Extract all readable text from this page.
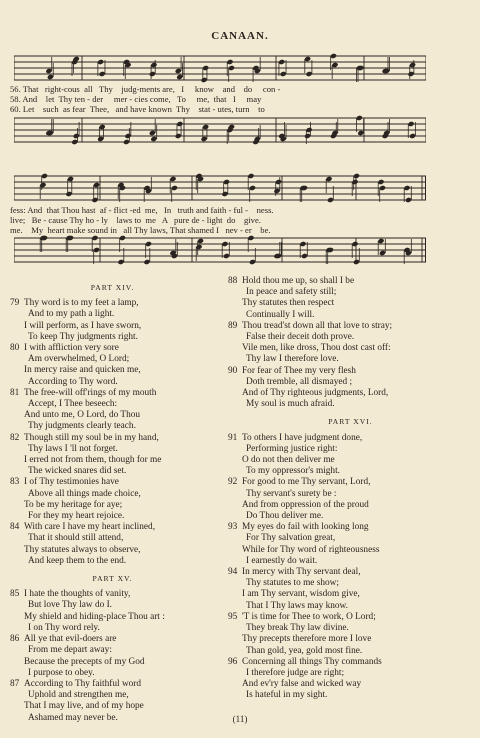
CANAAN.
56. That   right-cous  all   Thy    judg-ments are,   I     know    and    do     con -
58. And    let  Thy ten - der     mer - cies come,   To     me,  that   I     may
60. Let    such  as fear  Thee,   and have known  Thy    stat - utes, turn    to
fess: And  that Thou hast  af - flict -ed  me,   In   truth and faith - ful -    ness.
live;   Be - cause Thy ho - ly    laws to  me   A   pure de - light  do    give.
me.    My  heart make sound in   all Thy laws, That shamed I   nev - er    be.
PART XIV.
79 Thy word is to my feet a lamp,
And to my path a light.
I will perform, as I have sworn,
To keep Thy judgments right.
80 I with affliction very sore
Am overwhelmed, O Lord;
In mercy raise and quicken me,
According to Thy word.
81 The free-will off'rings of my mouth
Accept, I Thee beseech:
And unto me, O Lord, do Thou
Thy judgments clearly teach.
82 Though still my soul be in my hand,
Thy laws I 'll not forget.
I erred not from them, though for me
The wicked snares did set.
83 I of Thy testimonies have
Above all things made choice,
To be my heritage for aye;
For they my heart rejoice.
84 With care I have my heart inclined,
That it should still attend,
Thy statutes always to observe,
And keep them to the end.
PART XV.
85 I hate the thoughts of vanity,
But love Thy law do I.
My shield and hiding-place Thou art :
I on Thy word rely.
86 All ye that evil-doers are
From me depart away:
Because the precepts of my God
I purpose to obey.
87 According to Thy faithful word
Uphold and strengthen me,
That I may live, and of my hope
Ashamed may never be.
88 Hold thou me up, so shall I be
In peace and safety still;
Thy statutes then respect
Continually I will.
89 Thou tread'st down all that love to stray;
False their deceit doth prove.
Vile men, like dross, Thou dost cast off:
Thy law I therefore love.
90 For fear of Thee my very flesh
Doth tremble, all dismayed ;
And of Thy righteous judgments, Lord,
My soul is much afraid.
PART XVI.
91 To others I have judgment done,
Performing justice right:
O do not then deliver me
To my oppressor's might.
92 For good to me Thy servant, Lord,
Thy servant's surety be :
And from oppression of the proud
Do Thou deliver me.
93 My eyes do fail with looking long
For Thy salvation great,
While for Thy word of righteousness
I earnestly do wait.
94 In mercy with Thy servant deal,
Thy statutes to me show;
I am Thy servant, wisdom give,
That I Thy laws may know.
95 'T is time for Thee to work, O Lord;
They break Thy law divine.
Thy precepts therefore more I love
Than gold, yea, gold most fine.
96 Concerning all things Thy commands
I therefore judge are right;
And ev'ry false and wicked way
Is hateful in my sight.
(11)
